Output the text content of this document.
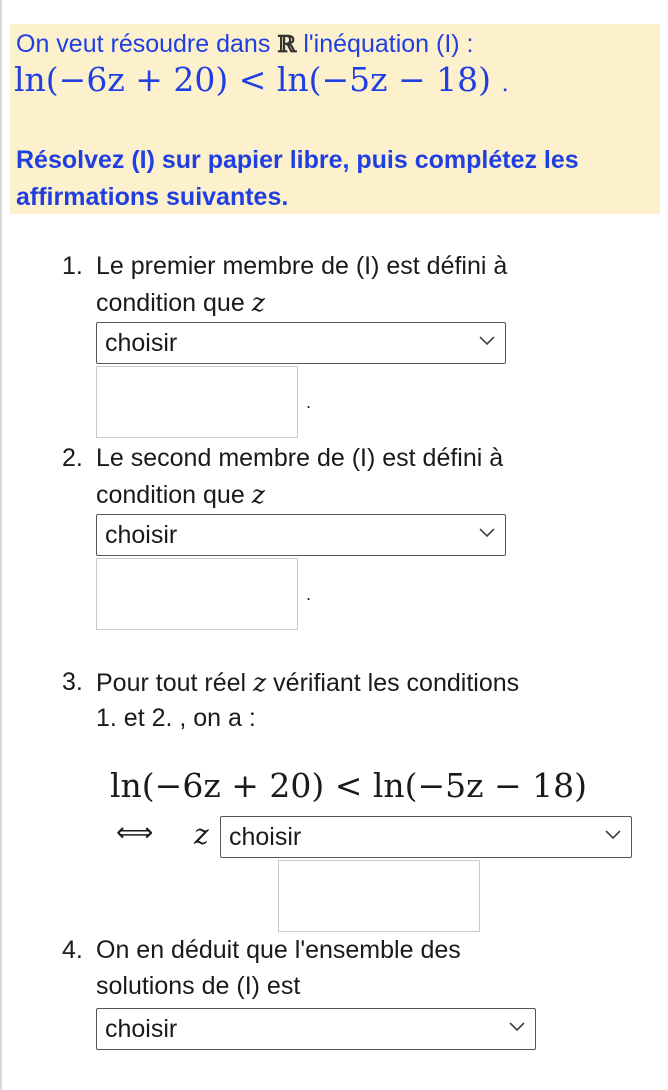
On veut résoudre dans ℝ l'inéquation (I) :
ln(−6z + 20) < ln(−5z − 18) .
Résolvez (I) sur papier libre, puis complétez les affirmations suivantes.
1. Le premier membre de (I) est défini à
condition que z
choisir
.
2. Le second membre de (I) est défini à
condition que z
choisir
.
3. Pour tout réel z vérifiant les conditions
1. et 2. , on a :
ln(−6z + 20) < ln(−5z − 18)
⟺ z choisir
4. On en déduit que l'ensemble des
solutions de (I) est
choisir
